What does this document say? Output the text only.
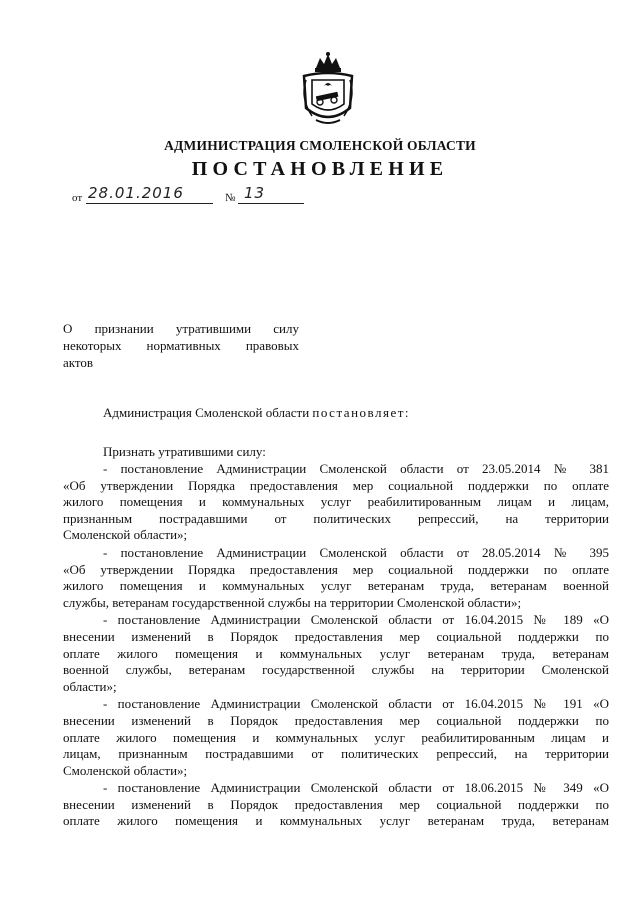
АДМИНИСТРАЦИЯ СМОЛЕНСКОЙ ОБЛАСТИ
ПОСТАНОВЛЕНИЕ
от 28.01.2016	№ 13
О признании утратившими силу
некоторых нормативных правовых
актов
Администрация Смоленской области постановляет:
Признать утратившими силу:
- постановление Администрации Смоленской области от 23.05.2014 № 381
«Об утверждении Порядка предоставления мер социальной поддержки по оплате
жилого помещения и коммунальных услуг реабилитированным лицам и лицам,
признанным пострадавшими от политических репрессий, на территории
Смоленской области»;
- постановление Администрации Смоленской области от 28.05.2014 № 395
«Об утверждении Порядка предоставления мер социальной поддержки по оплате
жилого помещения и коммунальных услуг ветеранам труда, ветеранам военной
службы, ветеранам государственной службы на территории Смоленской области»;
- постановление Администрации Смоленской области от 16.04.2015 № 189 «О
внесении изменений в Порядок предоставления мер социальной поддержки по
оплате жилого помещения и коммунальных услуг ветеранам труда, ветеранам
военной службы, ветеранам государственной службы на территории Смоленской
области»;
- постановление Администрации Смоленской области от 16.04.2015 № 191 «О
внесении изменений в Порядок предоставления мер социальной поддержки по
оплате жилого помещения и коммунальных услуг реабилитированным лицам и
лицам, признанным пострадавшими от политических репрессий, на территории
Смоленской области»;
- постановление Администрации Смоленской области от 18.06.2015 № 349 «О
внесении изменений в Порядок предоставления мер социальной поддержки по
оплате жилого помещения и коммунальных услуг ветеранам труда, ветеранам
